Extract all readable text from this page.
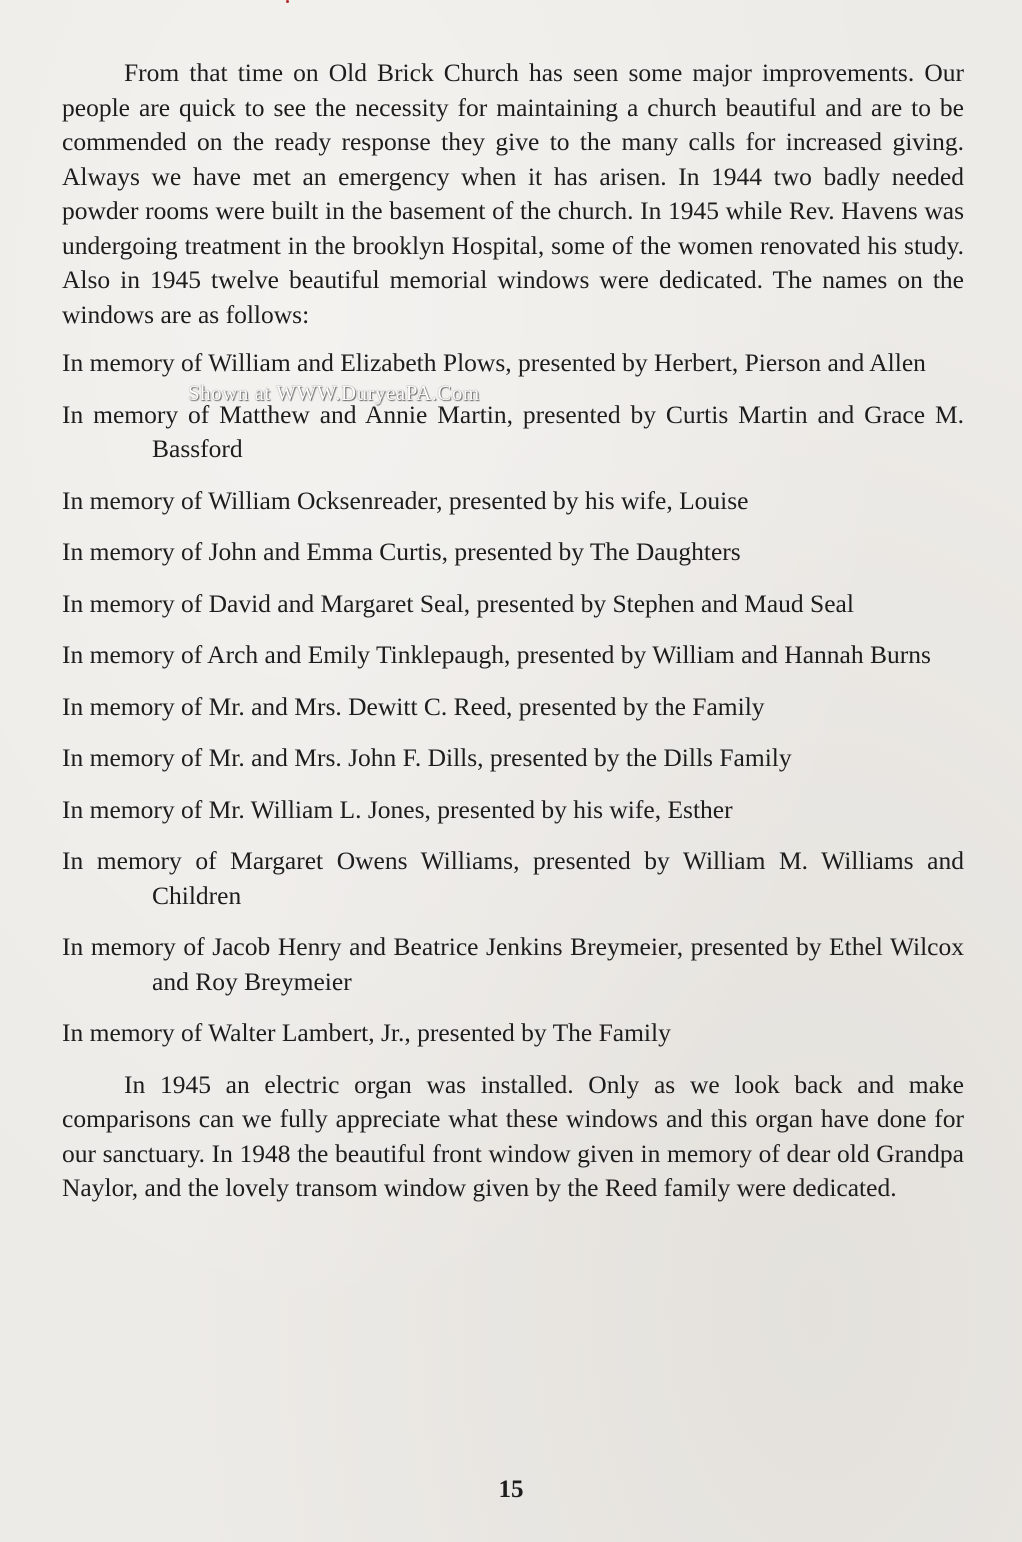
From that time on Old Brick Church has seen some major improvements. Our people are quick to see the necessity for maintaining a church beautiful and are to be commended on the ready response they give to the many calls for increased giving. Always we have met an emergency when it has arisen. In 1944 two badly needed powder rooms were built in the basement of the church. In 1945 while Rev. Havens was undergoing treatment in the brooklyn Hospital, some of the women renovated his study. Also in 1945 twelve beautiful memorial windows were dedicated. The names on the windows are as follows:

In memory of William and Elizabeth Plows, presented by Herbert, Pierson and Allen

In memory of Matthew and Annie Martin, presented by Curtis Martin and Grace M. Bassford

In memory of William Ocksenreader, presented by his wife, Louise

In memory of John and Emma Curtis, presented by The Daughters

In memory of David and Margaret Seal, presented by Stephen and Maud Seal

In memory of Arch and Emily Tinklepaugh, presented by William and Hannah Burns

In memory of Mr. and Mrs. Dewitt C. Reed, presented by the Family

In memory of Mr. and Mrs. John F. Dills, presented by the Dills Family

In memory of Mr. William L. Jones, presented by his wife, Esther

In memory of Margaret Owens Williams, presented by William M. Williams and Children

In memory of Jacob Henry and Beatrice Jenkins Breymeier, presented by Ethel Wilcox and Roy Breymeier

In memory of Walter Lambert, Jr., presented by The Family

In 1945 an electric organ was installed. Only as we look back and make comparisons can we fully appreciate what these windows and this organ have done for our sanctuary. In 1948 the beautiful front window given in memory of dear old Grandpa Naylor, and the lovely transom window given by the Reed family were dedicated.

Shown at WWW.DuryeaPA.Com
15
